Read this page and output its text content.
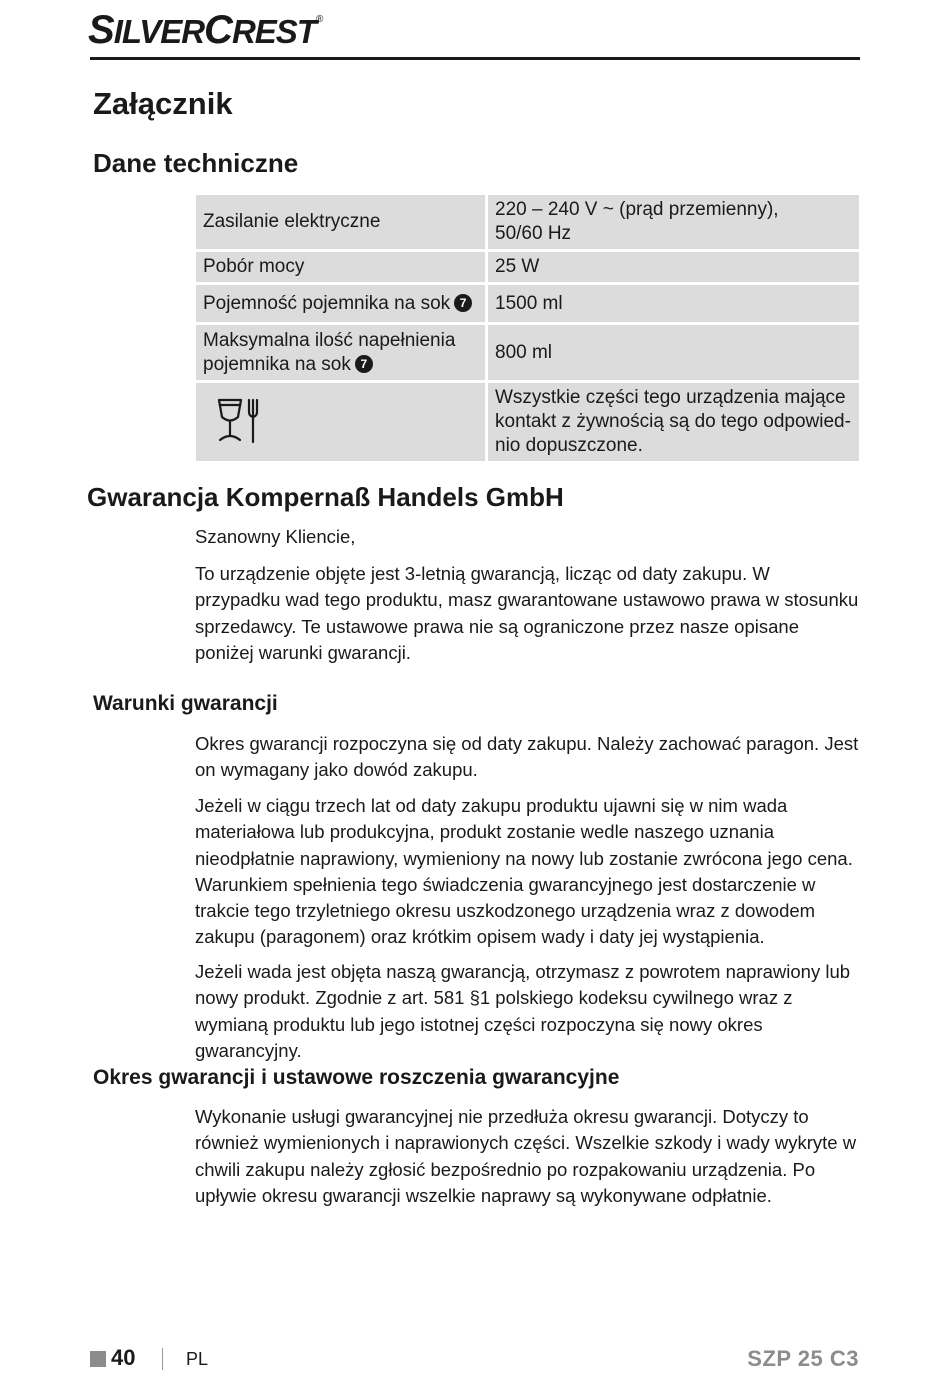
SILVERCREST®
Załącznik
Dane techniczne
Zasilanie elektryczne	220 – 240 V ~ (prąd przemienny),
50/60 Hz
Pobór mocy	25 W
Pojemność pojemnika na sok 7	1500 ml
Maksymalna ilość napełnienia
pojemnika na sok 7	800 ml
	Wszystkie części tego urządzenia mające
kontakt z żywnością są do tego odpowied-
nio dopuszczone.
Gwarancja Kompernaß Handels GmbH

Szanowny Kliencie,

To urządzenie objęte jest 3-letnią gwarancją, licząc od daty zakupu. W przypadku wad tego produktu, masz gwarantowane ustawowo prawa w stosunku sprzedawcy. Te ustawowe prawa nie są ograniczone przez nasze opisane poniżej warunki gwarancji.

Warunki gwarancji

Okres gwarancji rozpoczyna się od daty zakupu. Należy zachować paragon. Jest on wymagany jako dowód zakupu.

Jeżeli w ciągu trzech lat od daty zakupu produktu ujawni się w nim wada materiałowa lub produkcyjna, produkt zostanie wedle naszego uznania nieodpłatnie naprawiony, wymieniony na nowy lub zostanie zwrócona jego cena. Warunkiem spełnienia tego świadczenia gwarancyjnego jest dostarczenie w trakcie tego trzyletniego okresu uszkodzonego urządzenia wraz z dowodem zakupu (paragonem) oraz krótkim opisem wady i daty jej wystąpienia.

Jeżeli wada jest objęta naszą gwarancją, otrzymasz z powrotem naprawiony lub nowy produkt. Zgodnie z art. 581 §1 polskiego kodeksu cywilnego wraz z wymianą produktu lub jego istotnej części rozpoczyna się nowy okres gwarancyjny.

Okres gwarancji i ustawowe roszczenia gwarancyjne

Wykonanie usługi gwarancyjnej nie przedłuża okresu gwarancji. Dotyczy to również wymienionych i naprawionych części. Wszelkie szkody i wady wykryte w chwili zakupu należy zgłosić bezpośrednio po rozpakowaniu urządzenia. Po upływie okresu gwarancji wszelkie naprawy są wykonywane odpłatnie.

40	PL	SZP 25 C3
